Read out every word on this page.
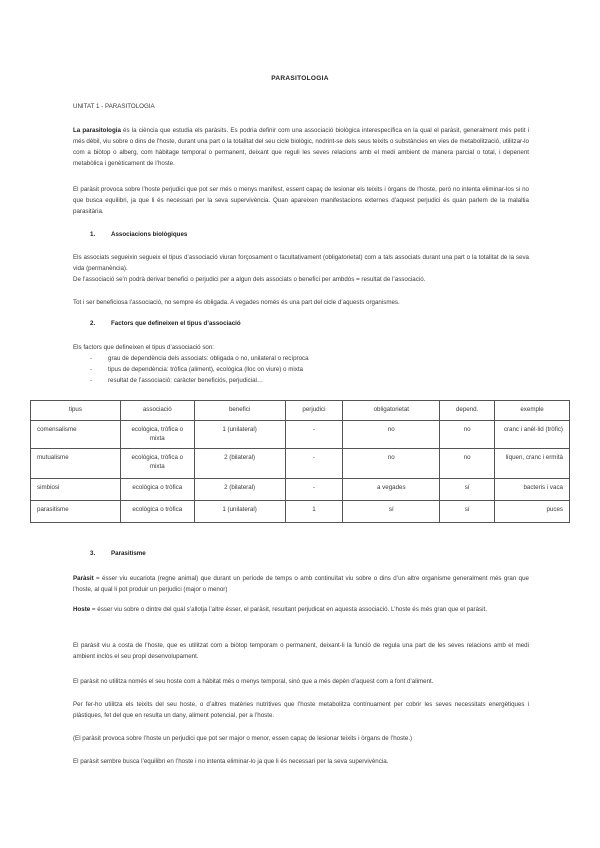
PARASITOLOGIA
UNITAT 1 - PARASITOLOGIA
La parasitologia és la ciència que estudia els paràsits. Es podria definir com una associació biològica interespecífica en la qual el paràsit, generalment més petit i més dèbil, viu sobre o dins de l’hoste, durant una part o la totalitat del seu cicle biològic, nodrint-se dels seus teixits o substàncies en vies de metabolització, utilitzar-lo com a biòtop o alberg, com hàbitage temporal o permanent, deixant que reguli les seves relacions amb el medi ambient de manera parcial o total, i depenent metabòlica i genèticament de l’hoste.
El paràsit provoca sobre l’hoste perjudici que pot ser més o menys manifest, essent capaç de lesionar els teixits i òrgans de l’hoste, però no intenta eliminar-los si no que busca equilibri, ja que li és necessari per la seva supervivència. Quan apareixen manifestacions externes d’aquest perjudici és quan parlem de la malaltia parasitària.
1.	Associacions biològiques
Els associats segueixin segueix el tipus d’associació viuran forçosament o facultativament (obligatorietat) com a tals associats durant una part o la totalitat de la seva vida (permanència).
De l’associació se’n podrà derivar benefici o perjudici per a algun dels associats o benefici per ambdós = resultat de l’associació.
Tot i ser beneficiosa l’associació, no sempre és obligada. A vegades només és una part del cicle d’aquests organismes.
2.	Factors que defineixen el tipus d’associació
Els factors que defineixen el tipus d’associació son:
- grau de dependència dels associats: obligada o no, unilateral o recíproca
- tipus de dependència: tròfica (aliment), ecològica (lloc on viure) o mixta
- resultat de l’associació: caràcter beneficiós, perjudicial…
tipus	associació	benefici	perjudici	obligatorietat	depend.	exemple
comensalisme	ecològica, tròfica o mixta	1 (unilateral)	-	no	no	cranc i anèl·lid (tròfic)
mutualisme	ecològica, tròfica o mixta	2 (bilateral)	-	no	no	líquen, cranc i ermità
simbiosi	ecològica o tròfica	2 (bilateral)	-	a vegades	sí	bacteris i vaca
parasitisme	ecològica o tròfica	1 (unilateral)	1	sí	sí	puces
3.	Parasitisme
Paràsit = ésser viu eucariota (regne animal) que durant un període de temps o amb continuïtat viu sobre o dins d’un altre organisme generalment més gran que l’hoste, al qual li pot produir un perjudici (major o menor)
Hoste = ésser viu sobre o dintre del qual s’allotja l’altre ésser, el paràsit, resultant perjudicat en aquesta associació. L’hoste és més gran que el paràsit.
El paràsit viu a costa de l’hoste, que es utilitzat com a biòtop temporam o permanent, deixant-li la funció de regula una part de les seves relacions amb el medi ambient inclòs el seu propi desenvolupament.
El paràsit no utilitza només el seu hoste com a hàbitat més o menys temporal, sinó que a més depèn d’aquest com a font d’aliment.
Per fer-ho utilitza els teixits del seu hoste, o d’altres matèries nutritives que l’hoste metabolitza contínuament per cobrir les seves necessitats energètiques i plàstiques, fet del que en resulta un dany, aliment potencial, per a l’hoste.
(El paràsit provoca sobre l’hoste un perjudici que pot ser major o menor, essen capaç de lesionar teixits i òrgans de l’hoste.)
El paràsit sembre busca l’equilibri en l’hoste i no intenta eliminar-lo ja que li és necessari per la seva supervivència.
